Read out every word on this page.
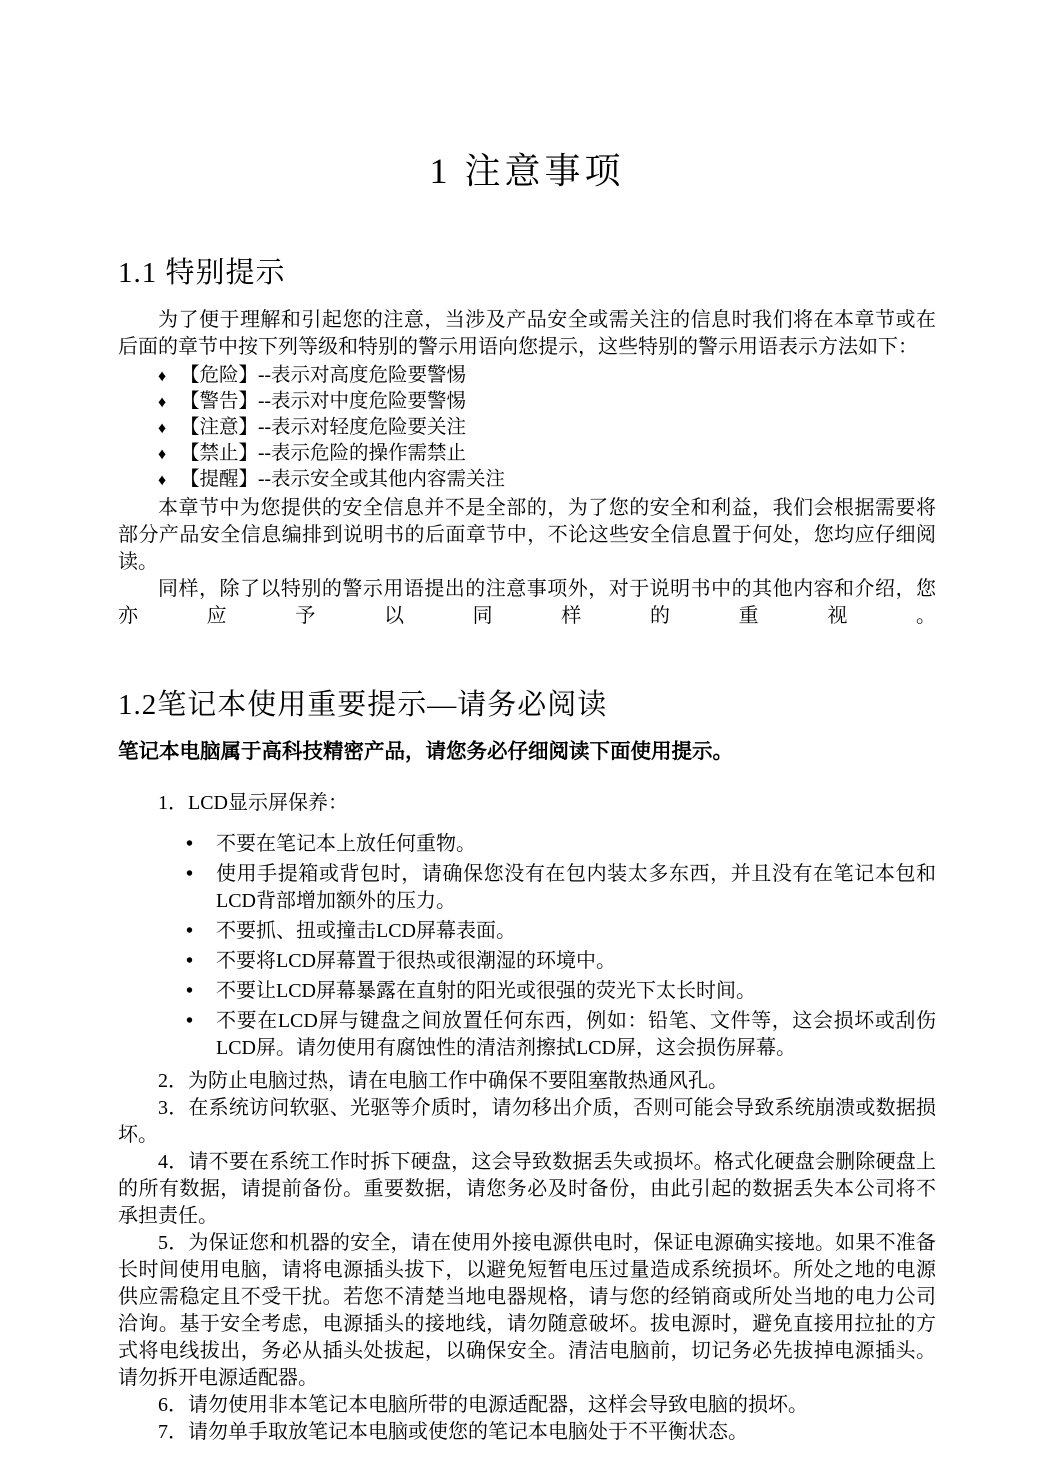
1 注意事项
1.1 特别提示

为了便于理解和引起您的注意，当涉及产品安全或需关注的信息时我们将在本章节或在后面的章节中按下列等级和特别的警示用语向您提示，这些特别的警示用语表示方法如下：

♦ 【危险】--表示对高度危险要警惕
♦ 【警告】--表示对中度危险要警惕
♦ 【注意】--表示对轻度危险要关注
♦ 【禁止】--表示危险的操作需禁止
♦ 【提醒】--表示安全或其他内容需关注

本章节中为您提供的安全信息并不是全部的，为了您的安全和利益，我们会根据需要将部分产品安全信息编排到说明书的后面章节中，不论这些安全信息置于何处，您均应仔细阅读。

同样，除了以特别的警示用语提出的注意事项外，对于说明书中的其他内容和介绍，您亦应予以同样的重视。

1.2笔记本使用重要提示—请务必阅读

笔记本电脑属于高科技精密产品，请您务必仔细阅读下面使用提示。

1．LCD显示屏保养：

• 不要在笔记本上放任何重物。
• 使用手提箱或背包时，请确保您没有在包内装太多东西，并且没有在笔记本包和LCD背部增加额外的压力。
• 不要抓、扭或撞击LCD屏幕表面。
• 不要将LCD屏幕置于很热或很潮湿的环境中。
• 不要让LCD屏幕暴露在直射的阳光或很强的荧光下太长时间。
• 不要在LCD屏与键盘之间放置任何东西，例如：铅笔、文件等，这会损坏或刮伤LCD屏。请勿使用有腐蚀性的清洁剂擦拭LCD屏，这会损伤屏幕。

2．为防止电脑过热，请在电脑工作中确保不要阻塞散热通风孔。

3．在系统访问软驱、光驱等介质时，请勿移出介质，否则可能会导致系统崩溃或数据损坏。

4．请不要在系统工作时拆下硬盘，这会导致数据丢失或损坏。格式化硬盘会删除硬盘上的所有数据，请提前备份。重要数据，请您务必及时备份，由此引起的数据丢失本公司将不承担责任。

5．为保证您和机器的安全，请在使用外接电源供电时，保证电源确实接地。如果不准备长时间使用电脑，请将电源插头拔下，以避免短暂电压过量造成系统损坏。所处之地的电源供应需稳定且不受干扰。若您不清楚当地电器规格，请与您的经销商或所处当地的电力公司洽询。基于安全考虑，电源插头的接地线，请勿随意破坏。拔电源时，避免直接用拉扯的方式将电线拔出，务必从插头处拔起，以确保安全。清洁电脑前，切记务必先拔掉电源插头。请勿拆开电源适配器。

6．请勿使用非本笔记本电脑所带的电源适配器，这样会导致电脑的损坏。

7．请勿单手取放笔记本电脑或使您的笔记本电脑处于不平衡状态。
